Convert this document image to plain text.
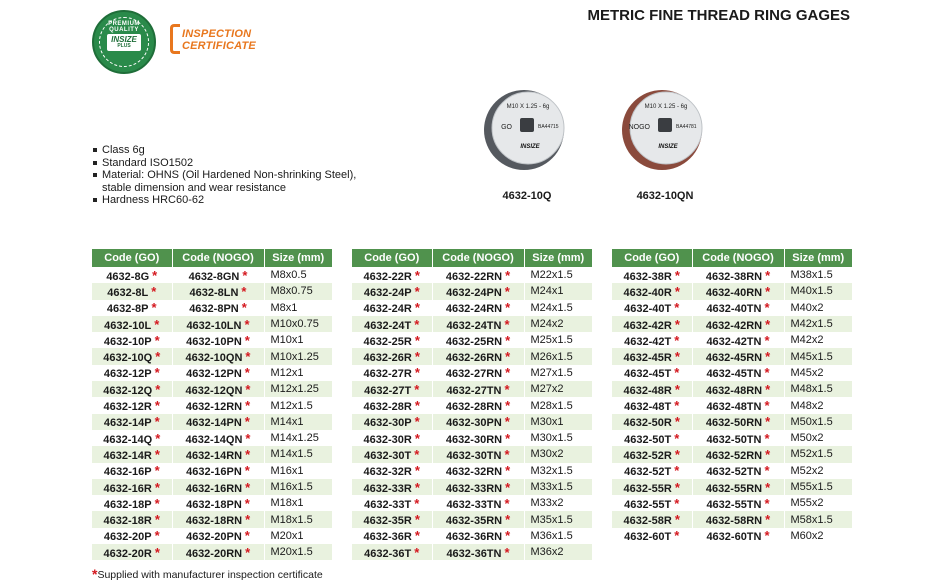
PREMIUM QUALITY
INSIZE
PLUS
INSPECTION
CERTIFICATE
METRIC FINE THREAD RING GAGES
Class 6g
Standard ISO1502
Material: OHNS (Oil Hardened Non-shrinking Steel),
stable dimension and wear resistance
Hardness HRC60-62
M10 X 1.25 - 6g
GO	BA44715
INSIZE
4632-10Q
M10 X 1.25 - 6g
NOGO	BA44781
INSIZE
4632-10QN
Code (GO)	Code (NOGO)	Size (mm)
4632-8G *	4632-8GN *	M8x0.5
4632-8L *	4632-8LN *	M8x0.75
4632-8P *	4632-8PN *	M8x1
4632-10L *	4632-10LN *	M10x0.75
4632-10P *	4632-10PN *	M10x1
4632-10Q *	4632-10QN *	M10x1.25
4632-12P *	4632-12PN *	M12x1
4632-12Q *	4632-12QN *	M12x1.25
4632-12R *	4632-12RN *	M12x1.5
4632-14P *	4632-14PN *	M14x1
4632-14Q *	4632-14QN *	M14x1.25
4632-14R *	4632-14RN *	M14x1.5
4632-16P *	4632-16PN *	M16x1
4632-16R *	4632-16RN *	M16x1.5
4632-18P *	4632-18PN *	M18x1
4632-18R *	4632-18RN *	M18x1.5
4632-20P *	4632-20PN *	M20x1
4632-20R *	4632-20RN *	M20x1.5
Code (GO)	Code (NOGO)	Size (mm)
4632-22R *	4632-22RN *	M22x1.5
4632-24P *	4632-24PN *	M24x1
4632-24R *	4632-24RN *	M24x1.5
4632-24T *	4632-24TN *	M24x2
4632-25R *	4632-25RN *	M25x1.5
4632-26R *	4632-26RN *	M26x1.5
4632-27R *	4632-27RN *	M27x1.5
4632-27T *	4632-27TN *	M27x2
4632-28R *	4632-28RN *	M28x1.5
4632-30P *	4632-30PN *	M30x1
4632-30R *	4632-30RN *	M30x1.5
4632-30T *	4632-30TN *	M30x2
4632-32R *	4632-32RN *	M32x1.5
4632-33R *	4632-33RN *	M33x1.5
4632-33T *	4632-33TN *	M33x2
4632-35R *	4632-35RN *	M35x1.5
4632-36R *	4632-36RN *	M36x1.5
4632-36T *	4632-36TN *	M36x2
Code (GO)	Code (NOGO)	Size (mm)
4632-38R *	4632-38RN *	M38x1.5
4632-40R *	4632-40RN *	M40x1.5
4632-40T *	4632-40TN *	M40x2
4632-42R *	4632-42RN *	M42x1.5
4632-42T *	4632-42TN *	M42x2
4632-45R *	4632-45RN *	M45x1.5
4632-45T *	4632-45TN *	M45x2
4632-48R *	4632-48RN *	M48x1.5
4632-48T *	4632-48TN *	M48x2
4632-50R *	4632-50RN *	M50x1.5
4632-50T *	4632-50TN *	M50x2
4632-52R *	4632-52RN *	M52x1.5
4632-52T *	4632-52TN *	M52x2
4632-55R *	4632-55RN *	M55x1.5
4632-55T *	4632-55TN *	M55x2
4632-58R *	4632-58RN *	M58x1.5
4632-60T *	4632-60TN *	M60x2
*Supplied with manufacturer inspection certificate
